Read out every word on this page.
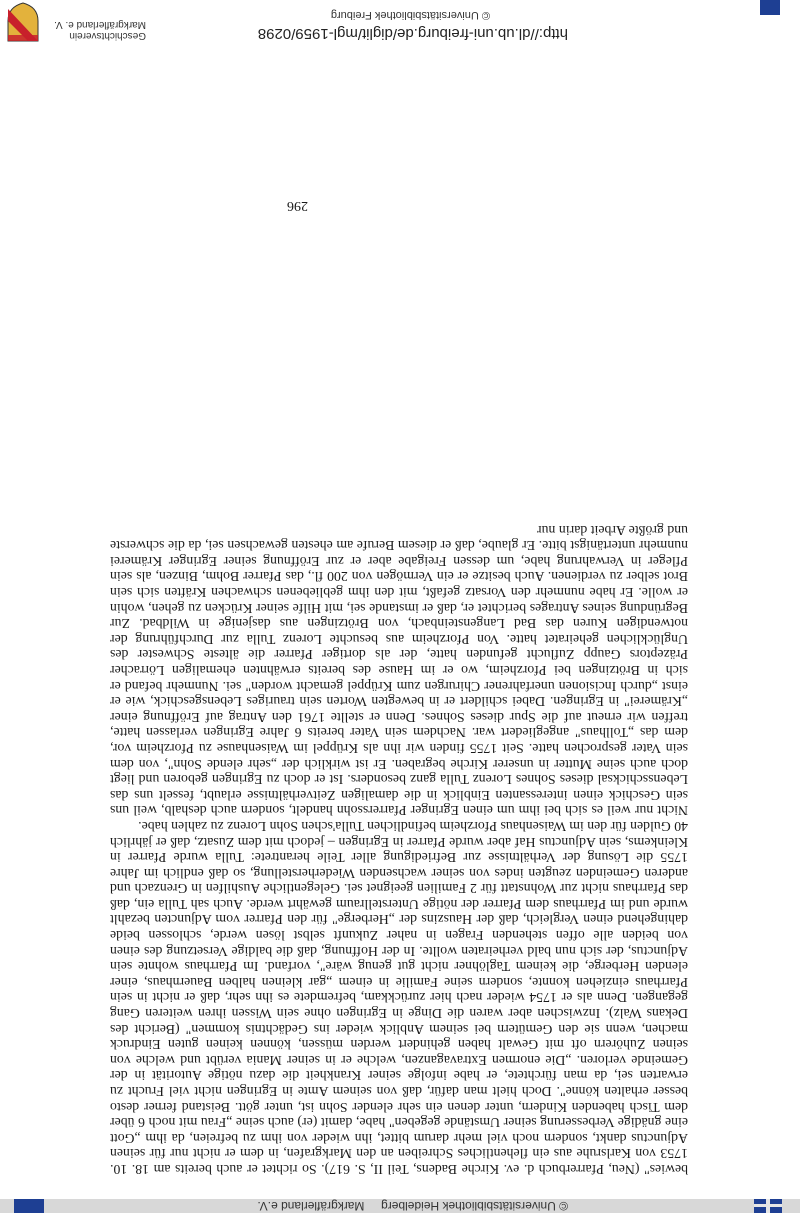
© Universitätsbibliothek Heidelberg     Markgräflerland e.V.

bewies" (Neu, Pfarrerbuch d. ev. Kirche Badens, Teil II, S. 617). So richtet er auch bereits am 18. 10. 1753 von Karlsruhe aus ein flehentliches Schreiben an den Markgrafen, in dem er nicht nur für seinen Adjunctus dankt, sondern noch viel mehr darum bittet, ihn wieder von ihm zu befreien, da ihm „Gott eine gnädige Verbesserung seiner Umstände gegeben" habe, damit (er) auch seine „Frau mit noch 6 über dem Tisch habenden Kindern, unter denen ein sehr elender Sohn ist, unter gött. Beistand ferner desto besser erhalten könne". Doch hielt man dafür, daß von seinem Amte in Egringen nicht viel Frucht zu erwarten sei, da man fürchtete, er habe infolge seiner Krankheit die dazu nötige Autorität in der Gemeinde verloren. „Die enormen Extravaganzen, welche er in seiner Mania verübt und welche von seinen Zuhörern oft mit Gewalt haben gehindert werden müssen, können keinen guten Eindruck machen, wenn sie den Gemütern bei seinem Anblick wieder ins Gedächtnis kommen" (Bericht des Dekans Walz). Inzwischen aber waren die Dinge in Egringen ohne sein Wissen ihren weiteren Gang gegangen. Denn als er 1754 wieder nach hier zurückkam, befremdete es ihn sehr, daß er nicht in sein Pfarrhaus einziehen konnte, sondern seine Familie in einem „gar kleinen halben Bauernhaus, einer elenden Herberge, die keinem Taglöhner nicht gut genug wäre", vorfand. Im Pfarrhaus wohnte sein Adjunctus, der sich nun bald verheiraten wollte. In der Hoffnung, daß die baldige Versetzung des einen von beiden alle offen stehenden Fragen in naher Zukunft selbst lösen werde, schlossen beide dahingehend einen Vergleich, daß der Hauszins der „Herberge" für den Pfarrer vom Adjuncten bezahlt wurde und im Pfarrhaus dem Pfarrer der nötige Unterstellraum gewährt werde. Auch sah Tulla ein, daß das Pfarrhaus nicht zur Wohnstatt für 2 Familien geeignet sei. Gelegentliche Aushilfen in Grenzach und anderen Gemeinden zeugten indes von seiner wachsenden Wiederherstellung, so daß endlich im Jahre 1755 die Lösung der Verhältnisse zur Befriedigung aller Teile herantrete: Tulla wurde Pfarrer in Kleinkems, sein Adjunctus Haf aber wurde Pfarrer in Egringen – jedoch mit dem Zusatz, daß er jährlich 40 Gulden für den im Waisenhaus Pforzheim befindlichen Tulla'schen Sohn Lorenz zu zahlen habe.

Nicht nur weil es sich bei ihm um einen Egringer Pfarrerssohn handelt, sondern auch deshalb, weil uns sein Geschick einen interessanten Einblick in die damaligen Zeitverhältnisse erlaubt, fesselt uns das Lebensschicksal dieses Sohnes Lorenz Tulla ganz besonders. Ist er doch zu Egringen geboren und liegt doch auch seine Mutter in unserer Kirche begraben. Er ist wirklich der „sehr elende Sohn", von dem sein Vater gesprochen hatte. Seit 1755 finden wir ihn als Krüppel im Waisenhause zu Pforzheim vor, dem das „Tollhaus" angegliedert war. Nachdem sein Vater bereits 6 Jahre Egringen verlassen hatte, treffen wir erneut auf die Spur dieses Sohnes. Denn er stellte 1761 den Antrag auf Eröffnung einer „Krämerei" in Egringen. Dabei schildert er in bewegten Worten sein trauriges Lebensgeschick, wie er einst „durch Incisionen unerfahrener Chirurgen zum Krüppel gemacht worden" sei. Nunmehr befand er sich in Brötzingen bei Pforzheim, wo er im Hause des bereits erwähnten ehemaligen Lörracher Präzeptors Gaupp Zuflucht gefunden hatte, der als dortiger Pfarrer die älteste Schwester des Unglücklichen geheiratet hatte. Von Pforzheim aus besuchte Lorenz Tulla zur Durchführung der notwendigen Kuren das Bad Langensteinbach, von Brötzingen aus dasjenige in Wildbad. Zur Begründung seines Antrages berichtet er, daß er imstande sei, mit Hilfe seiner Krücken zu gehen, wohin er wolle. Er habe nunmehr den Vorsatz gefaßt, mit den ihm gebliebenen schwachen Kräften sich sein Brot selber zu verdienen. Auch besitze er ein Vermögen von 200 fl., das Pfarrer Bohm, Binzen, als sein Pfleger in Verwahrung habe, um dessen Freigabe aber er zur Eröffnung seiner Egringer Krämerei nunmehr untertänigst bitte. Er glaube, daß er diesem Berufe am ehesten gewachsen sei, da die schwerste und größte Arbeit darin nur

296
http://dl.ub.uni-freiburg.de/diglit/mgl-1959/0298
© Universitätsbibliothek Freiburg
Geschichtsverein
Markgräflerland e. V.
